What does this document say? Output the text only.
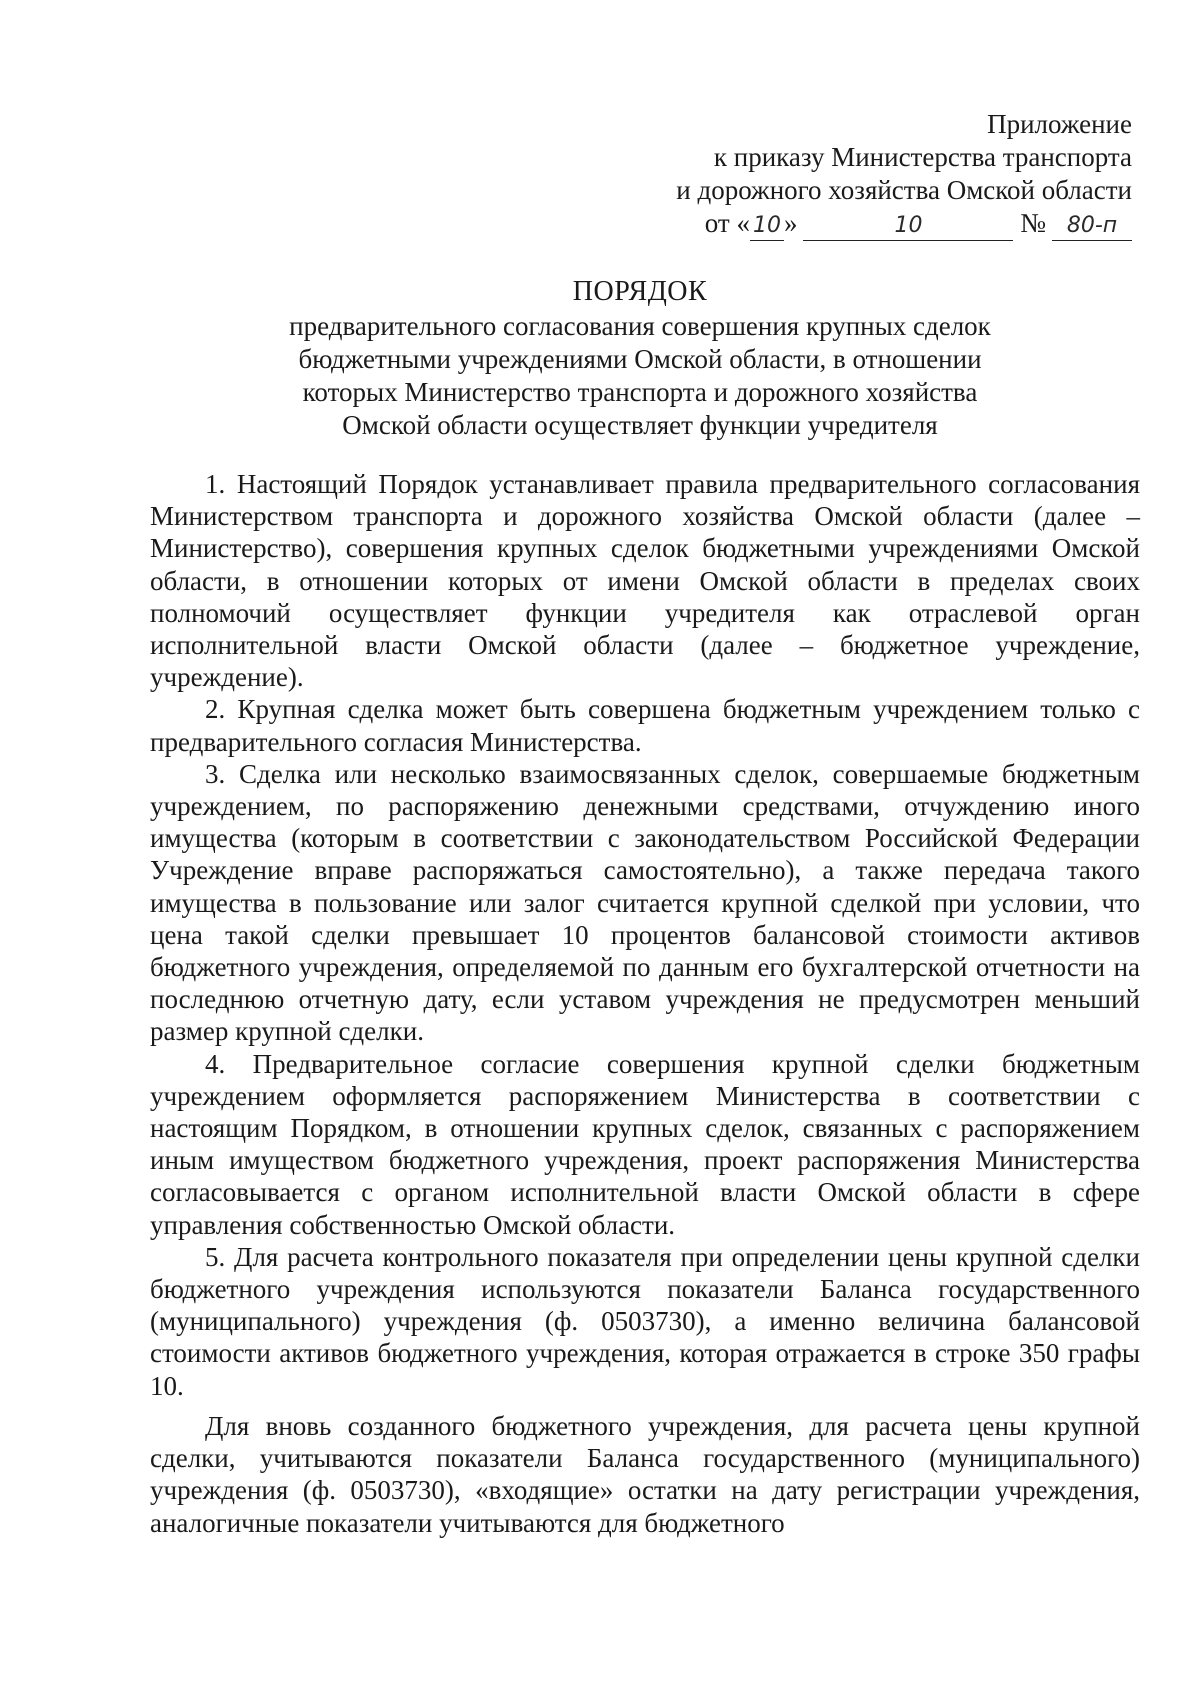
Приложение
к приказу Министерства транспорта
и дорожного хозяйства Омской области
от « 10 »	10	№ 80-п
ПОРЯДОК
предварительного согласования совершения крупных сделок
бюджетными учреждениями Омской области, в отношении
которых Министерство транспорта и дорожного хозяйства
Омской области осуществляет функции учредителя

1. Настоящий Порядок устанавливает правила предварительного согласования Министерством транспорта и дорожного хозяйства Омской области (далее – Министерство), совершения крупных сделок бюджетными учреждениями Омской области, в отношении которых от имени Омской области в пределах своих полномочий осуществляет функции учредителя как отраслевой орган исполнительной власти Омской области (далее – бюджетное учреждение, учреждение).

2. Крупная сделка может быть совершена бюджетным учреждением только с предварительного согласия Министерства.

3. Сделка или несколько взаимосвязанных сделок, совершаемые бюджетным учреждением, по распоряжению денежными средствами, отчуждению иного имущества (которым в соответствии с законодательством Российской Федерации Учреждение вправе распоряжаться самостоятельно), а также передача такого имущества в пользование или залог считается крупной сделкой при условии, что цена такой сделки превышает 10 процентов балансовой стоимости активов бюджетного учреждения, определяемой по данным его бухгалтерской отчетности на последнюю отчетную дату, если уставом учреждения не предусмотрен меньший размер крупной сделки.

4. Предварительное согласие совершения крупной сделки бюджетным учреждением оформляется распоряжением Министерства в соответствии с настоящим Порядком, в отношении крупных сделок, связанных с распоряжением иным имуществом бюджетного учреждения, проект распоряжения Министерства согласовывается с органом исполнительной власти Омской области в сфере управления собственностью Омской области.

5. Для расчета контрольного показателя при определении цены крупной сделки бюджетного учреждения используются показатели Баланса государственного (муниципального) учреждения (ф. 0503730), а именно величина балансовой стоимости активов бюджетного учреждения, которая отражается в строке 350 графы 10.

Для вновь созданного бюджетного учреждения, для расчета цены крупной сделки, учитываются показатели Баланса государственного (муниципального) учреждения (ф. 0503730), «входящие» остатки на дату регистрации учреждения, аналогичные показатели учитываются для бюджетного
